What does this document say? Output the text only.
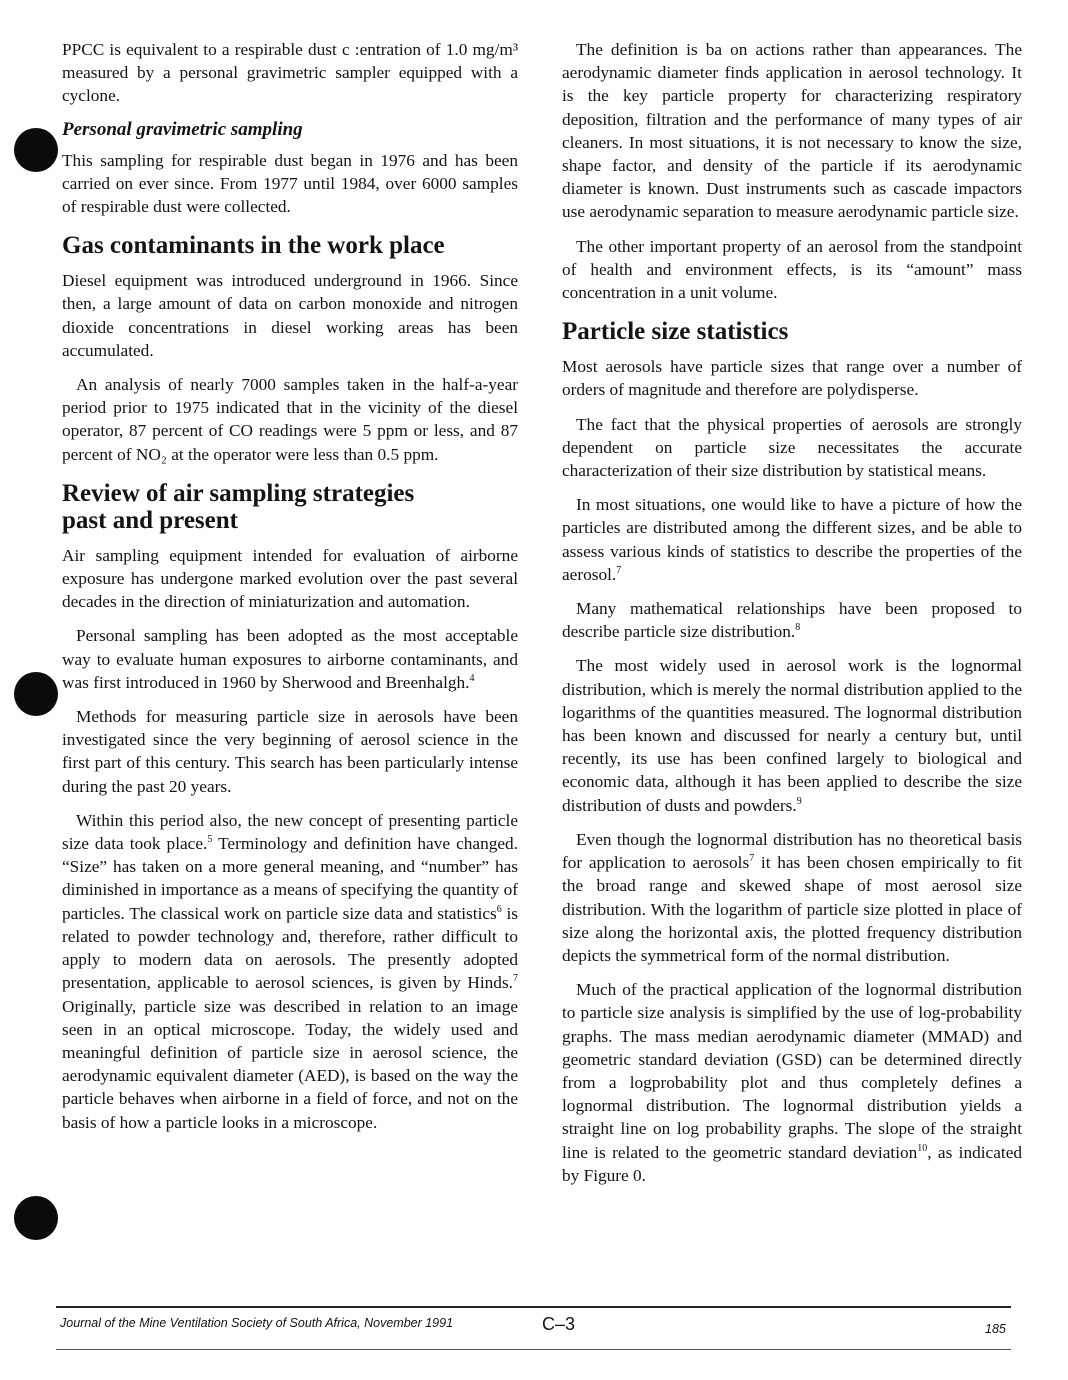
PPCC is equivalent to a respirable dust c :entration of 1.0 mg/m³ measured by a personal gravimetric sampler equipped with a cyclone.

Personal gravimetric sampling

This sampling for respirable dust began in 1976 and has been carried on ever since. From 1977 until 1984, over 6000 samples of respirable dust were collected.

Gas contaminants in the work place

Diesel equipment was introduced underground in 1966. Since then, a large amount of data on carbon monoxide and nitrogen dioxide concentrations in diesel working areas has been accumulated.

An analysis of nearly 7000 samples taken in the half-a-year period prior to 1975 indicated that in the vicinity of the diesel operator, 87 percent of CO readings were 5 ppm or less, and 87 percent of NO₂ at the operator were less than 0.5 ppm.

Review of air sampling strategies
past and present

Air sampling equipment intended for evaluation of airborne exposure has undergone marked evolution over the past several decades in the direction of miniaturization and automation.

Personal sampling has been adopted as the most acceptable way to evaluate human exposures to airborne contaminants, and was first introduced in 1960 by Sherwood and Breenhalgh.$^4$

Methods for measuring particle size in aerosols have been investigated since the very beginning of aerosol science in the first part of this century. This search has been particularly intense during the past 20 years.

Within this period also, the new concept of presenting particle size data took place.$^5$ Terminology and definition have changed. “Size” has taken on a more general meaning, and “number” has diminished in importance as a means of specifying the quantity of particles. The classical work on particle size data and statistics$^6$ is related to powder technology and, therefore, rather difficult to apply to modern data on aerosols. The presently adopted presentation, applicable to aerosol sciences, is given by Hinds.$^7$ Originally, particle size was described in relation to an image seen in an optical microscope. Today, the widely used and meaningful definition of particle size in aerosol science, the aerodynamic equivalent diameter (AED), is based on the way the particle behaves when airborne in a field of force, and not on the basis of how a particle looks in a microscope.

The definition is ba on actions rather than appearances. The aerodynamic diameter finds application in aerosol technology. It is the key particle property for characterizing respiratory deposition, filtration and the performance of many types of air cleaners. In most situations, it is not necessary to know the size, shape factor, and density of the particle if its aerodynamic diameter is known. Dust instruments such as cascade impactors use aerodynamic separation to measure aerodynamic particle size.

The other important property of an aerosol from the standpoint of health and environment effects, is its “amount” mass concentration in a unit volume.

Particle size statistics

Most aerosols have particle sizes that range over a number of orders of magnitude and therefore are polydisperse.

The fact that the physical properties of aerosols are strongly dependent on particle size necessitates the accurate characterization of their size distribution by statistical means.

In most situations, one would like to have a picture of how the particles are distributed among the different sizes, and be able to assess various kinds of statistics to describe the properties of the aerosol.$^7$

Many mathematical relationships have been proposed to describe particle size distribution.$^8$

The most widely used in aerosol work is the lognormal distribution, which is merely the normal distribution applied to the logarithms of the quantities measured. The lognormal distribution has been known and discussed for nearly a century but, until recently, its use has been confined largely to biological and economic data, although it has been applied to describe the size distribution of dusts and powders.$^9$

Even though the lognormal distribution has no theoretical basis for application to aerosols$^7$ it has been chosen empirically to fit the broad range and skewed shape of most aerosol size distribution. With the logarithm of particle size plotted in place of size along the horizontal axis, the plotted frequency distribution depicts the symmetrical form of the normal distribution.

Much of the practical application of the lognormal distribution to particle size analysis is simplified by the use of log-probability graphs. The mass median aerodynamic diameter (MMAD) and geometric standard deviation (GSD) can be determined directly from a logprobability plot and thus completely defines a lognormal distribution. The lognormal distribution yields a straight line on log probability graphs. The slope of the straight line is related to the geometric standard deviation$^{10}$, as indicated by Figure 0.

Journal of the Mine Ventilation Society of South Africa, November 1991	C–3	185
